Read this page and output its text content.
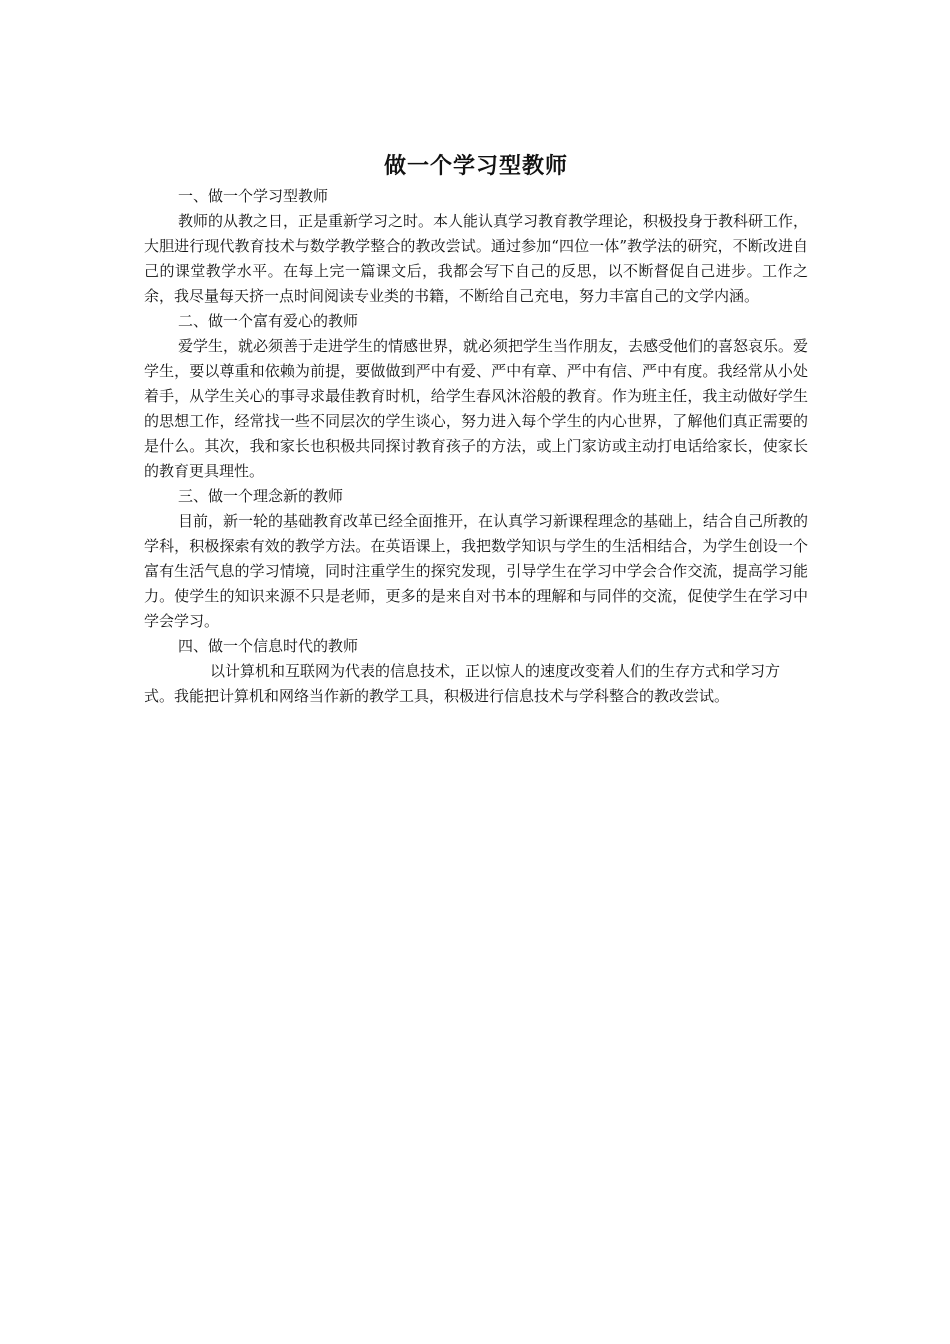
做一个学习型教师

一、做一个学习型教师

教师的从教之日，正是重新学习之时。本人能认真学习教育教学理论，积极投身于教科研工作，大胆进行现代教育技术与数学教学整合的教改尝试。通过参加“四位一体”教学法的研究，不断改进自己的课堂教学水平。在每上完一篇课文后，我都会写下自己的反思，以不断督促自己进步。工作之余，我尽量每天挤一点时间阅读专业类的书籍，不断给自己充电，努力丰富自己的文学内涵。

二、做一个富有爱心的教师

爱学生，就必须善于走进学生的情感世界，就必须把学生当作朋友，去感受他们的喜怒哀乐。爱学生，要以尊重和依赖为前提，要做做到严中有爱、严中有章、严中有信、严中有度。我经常从小处着手，从学生关心的事寻求最佳教育时机，给学生春风沐浴般的教育。作为班主任，我主动做好学生的思想工作，经常找一些不同层次的学生谈心，努力进入每个学生的内心世界，了解他们真正需要的是什么。其次，我和家长也积极共同探讨教育孩子的方法，或上门家访或主动打电话给家长，使家长的教育更具理性。

三、做一个理念新的教师

目前，新一轮的基础教育改革已经全面推开，在认真学习新课程理念的基础上，结合自己所教的学科，积极探索有效的教学方法。在英语课上，我把数学知识与学生的生活相结合，为学生创设一个富有生活气息的学习情境，同时注重学生的探究发现，引导学生在学习中学会合作交流，提高学习能力。使学生的知识来源不只是老师，更多的是来自对书本的理解和与同伴的交流，促使学生在学习中学会学习。

四、做一个信息时代的教师

以计算机和互联网为代表的信息技术，正以惊人的速度改变着人们的生存方式和学习方

式。我能把计算机和网络当作新的教学工具，积极进行信息技术与学科整合的教改尝试。
